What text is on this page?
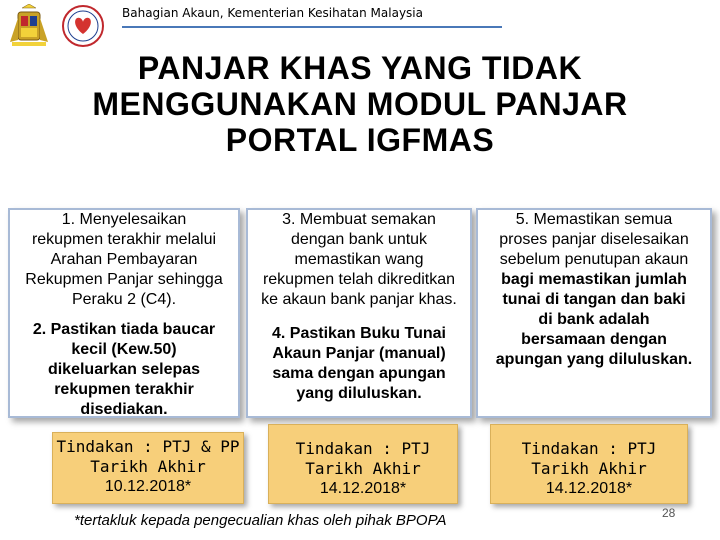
Bahagian Akaun, Kementerian Kesihatan Malaysia
PANJAR KHAS YANG TIDAK
MENGGUNAKAN MODUL PANJAR
PORTAL IGFMAS

1. Menyelesaikan

rekupmen terakhir melalui

Arahan Pembayaran

Rekupmen Panjar sehingga

Peraku 2 (C4).

2. Pastikan tiada baucar

kecil (Kew.50)

dikeluarkan selepas

rekupmen terakhir

disediakan.

3. Membuat semakan

dengan bank untuk

memastikan wang

rekupmen telah dikreditkan

ke akaun bank panjar khas.

4. Pastikan Buku Tunai

Akaun Panjar (manual)

sama dengan apungan

yang diluluskan.

5. Memastikan semua

proses panjar diselesaikan

sebelum penutupan akaun

bagi memastikan jumlah

tunai di tangan dan baki

di bank adalah

bersamaan dengan

apungan yang diluluskan.

Tindakan : PTJ & PP
Tarikh Akhir
10.12.2018*
Tindakan : PTJ
Tarikh Akhir
14.12.2018*
Tindakan : PTJ
Tarikh Akhir
14.12.2018*
*tertakluk kepada pengecualian khas oleh pihak BPOPA	28
